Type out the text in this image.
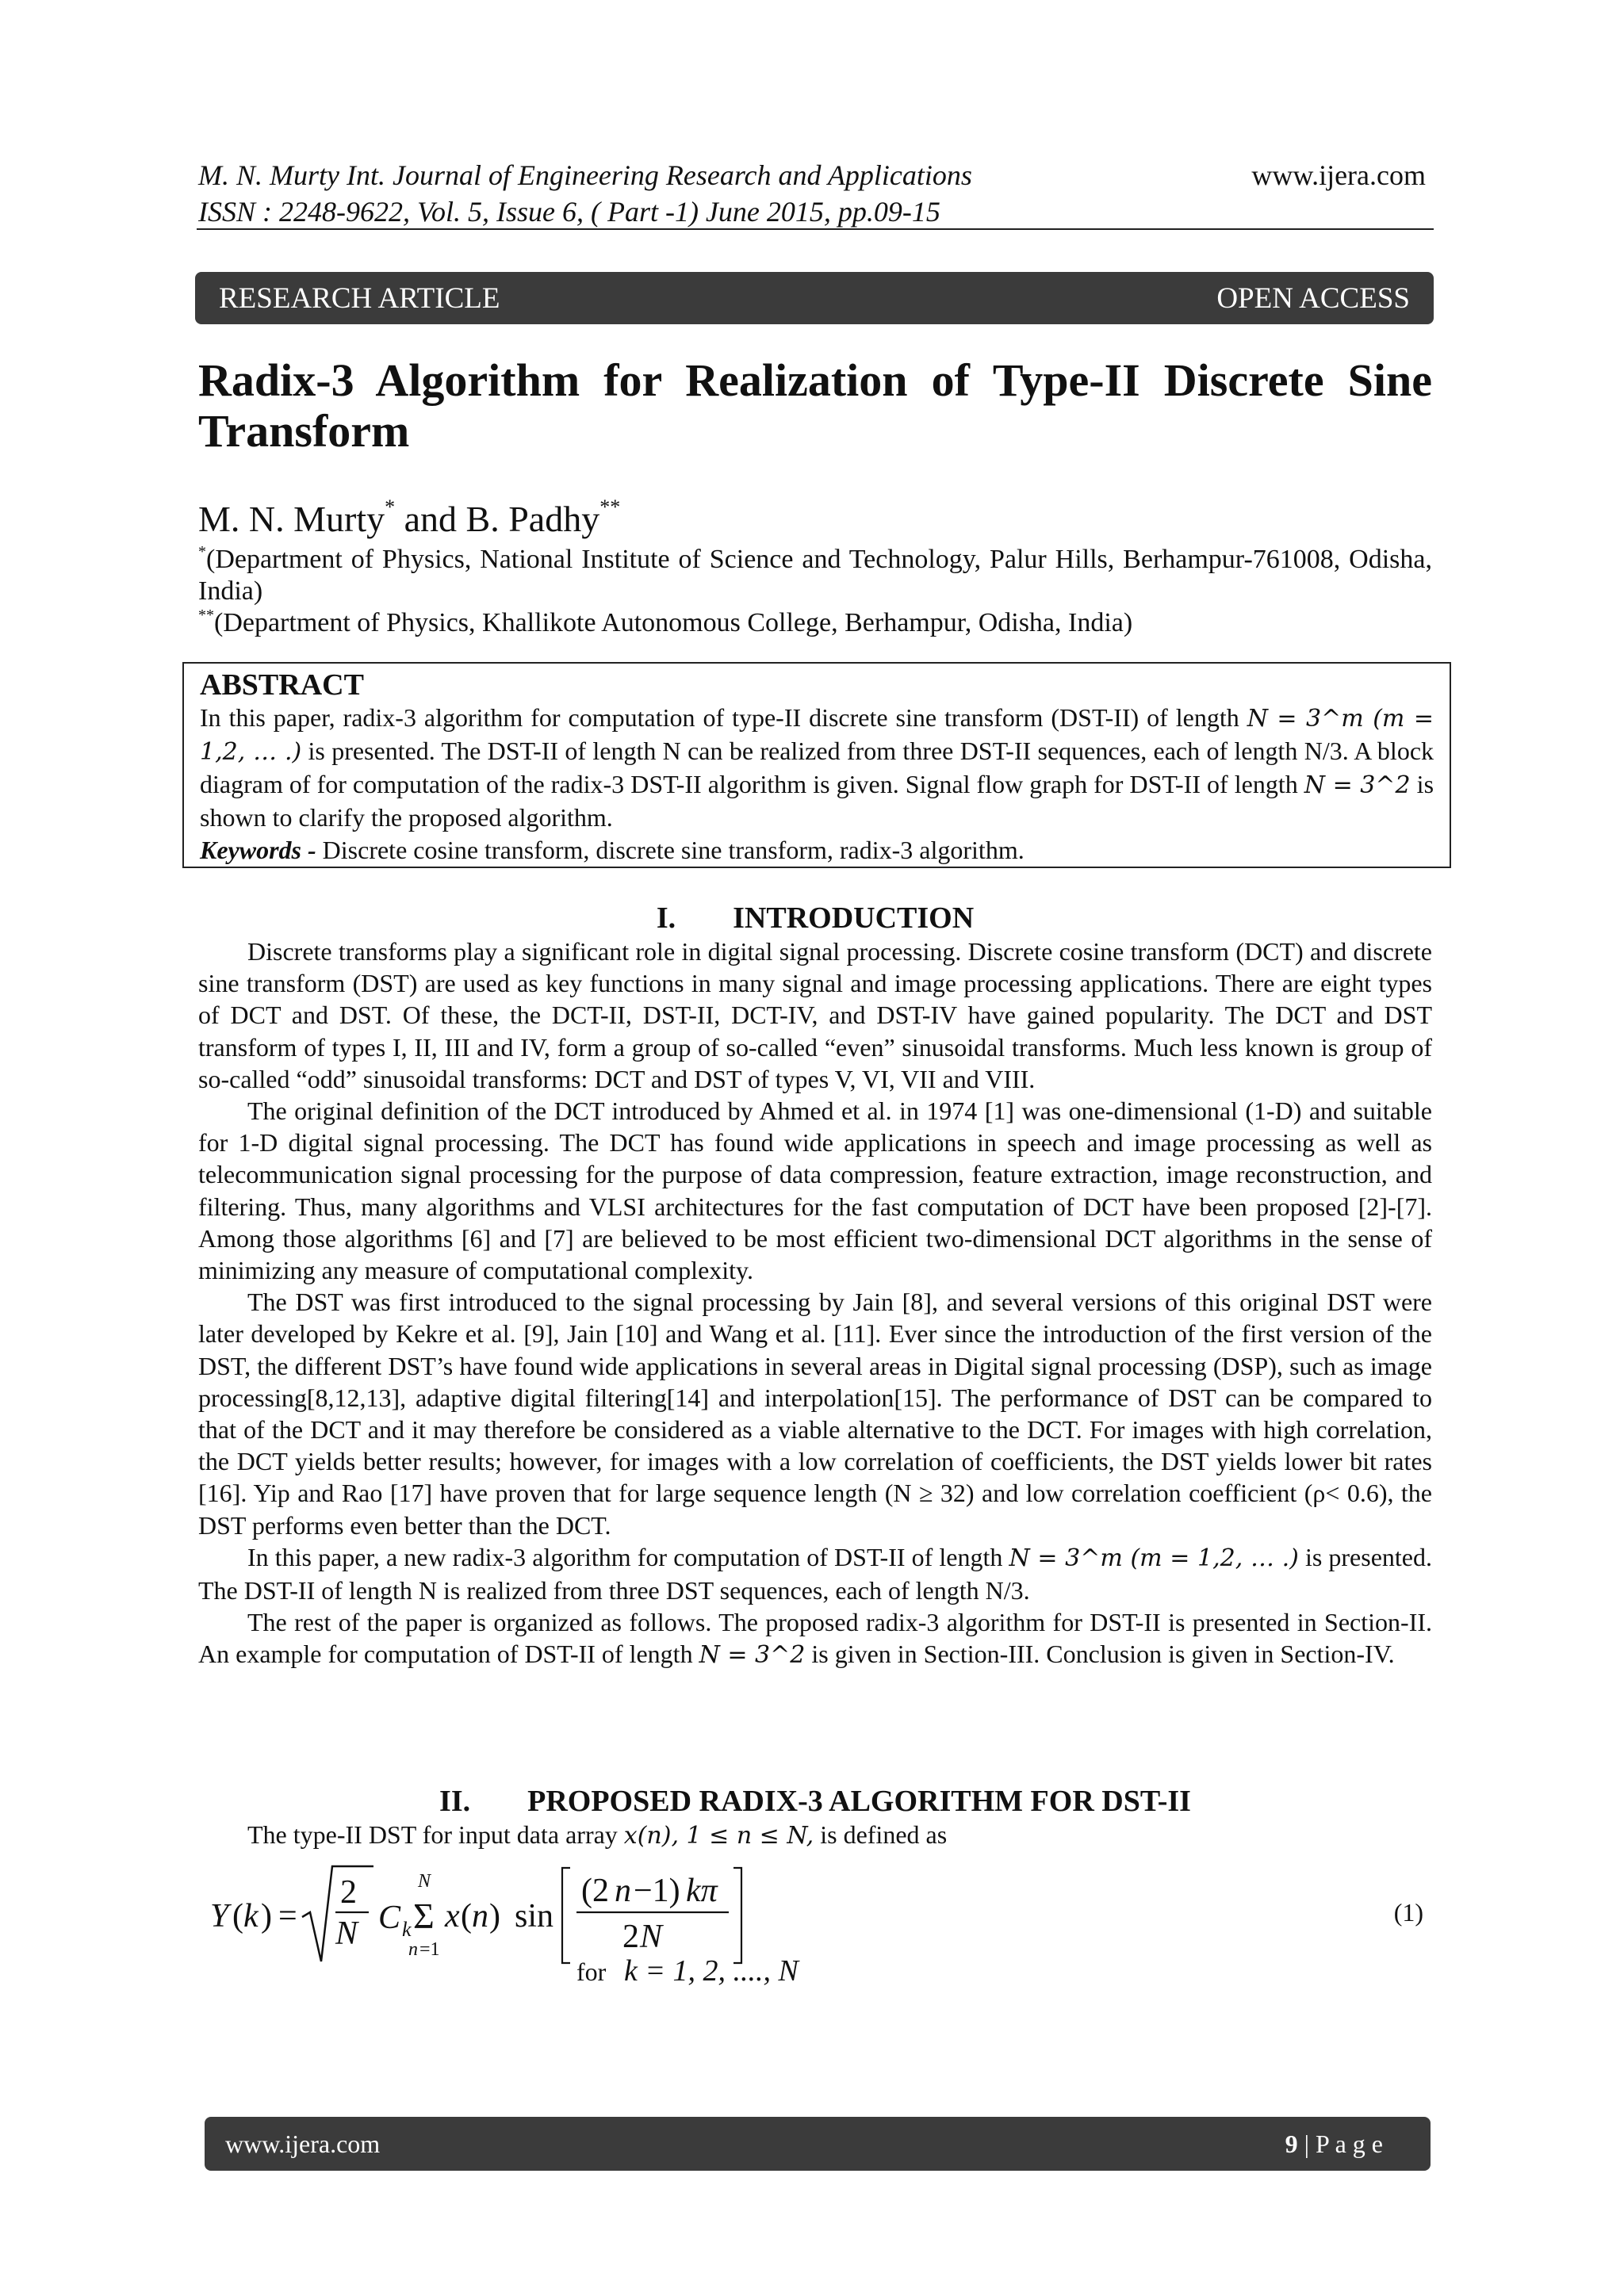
M. N. Murty Int. Journal of Engineering Research and Applications
ISSN : 2248-9622, Vol. 5, Issue 6, ( Part -1) June 2015, pp.09-15
www.ijera.com
RESEARCH ARTICLE	OPEN ACCESS
Radix-3 Algorithm for Realization of Type-II Discrete Sine Transform
M. N. Murty* and B. Padhy**
*(Department of Physics, National Institute of Science and Technology, Palur Hills, Berhampur-761008, Odisha, India)
**(Department of Physics, Khallikote Autonomous College, Berhampur, Odisha, India)
ABSTRACT

In this paper, radix-3 algorithm for computation of type-II discrete sine transform (DST-II) of length N = 3^m (m = 1,2, … .) is presented. The DST-II of length N can be realized from three DST-II sequences, each of length N/3. A block diagram of for computation of the radix-3 DST-II algorithm is given. Signal flow graph for DST-II of length N = 3^2 is shown to clarify the proposed algorithm.

Keywords - Discrete cosine transform, discrete sine transform, radix-3 algorithm.

I. INTRODUCTION

Discrete transforms play a significant role in digital signal processing. Discrete cosine transform (DCT) and discrete sine transform (DST) are used as key functions in many signal and image processing applications. There are eight types of DCT and DST. Of these, the DCT-II, DST-II, DCT-IV, and DST-IV have gained popularity. The DCT and DST transform of types I, II, III and IV, form a group of so-called “even” sinusoidal transforms. Much less known is group of so-called “odd” sinusoidal transforms: DCT and DST of types V, VI, VII and VIII.

The original definition of the DCT introduced by Ahmed et al. in 1974 [1] was one-dimensional (1-D) and suitable for 1-D digital signal processing. The DCT has found wide applications in speech and image processing as well as telecommunication signal processing for the purpose of data compression, feature extraction, image reconstruction, and filtering. Thus, many algorithms and VLSI architectures for the fast computation of DCT have been proposed [2]-[7]. Among those algorithms [6] and [7] are believed to be most efficient two-dimensional DCT algorithms in the sense of minimizing any measure of computational complexity.

The DST was first introduced to the signal processing by Jain [8], and several versions of this original DST were later developed by Kekre et al. [9], Jain [10] and Wang et al. [11]. Ever since the introduction of the first version of the DST, the different DST’s have found wide applications in several areas in Digital signal processing (DSP), such as image processing[8,12,13], adaptive digital filtering[14] and interpolation[15]. The performance of DST can be compared to that of the DCT and it may therefore be considered as a viable alternative to the DCT. For images with high correlation, the DCT yields better results; however, for images with a low correlation of coefficients, the DST yields lower bit rates [16]. Yip and Rao [17] have proven that for large sequence length (N ≥ 32) and low correlation coefficient (ρ< 0.6), the DST performs even better than the DCT.

In this paper, a new radix-3 algorithm for computation of DST-II of length N = 3^m (m = 1,2, … .) is presented. The DST-II of length N is realized from three DST sequences, each of length N/3.

The rest of the paper is organized as follows. The proposed radix-3 algorithm for DST-II is presented in Section-II. An example for computation of DST-II of length N = 3^2 is given in Section-III. Conclusion is given in Section-IV.

II. PROPOSED RADIX-3 ALGORITHM FOR DST-II

The type-II DST for input data array x(n), 1 ≤ n ≤ N, is defined as

Y ( k ) =
2
N C k
N
Σ
n =1
x ( n ) sin
(2 n −1) kπ
2 N
for k = 1, 2, ...., N
(1)
www.ijera.com	9 | P a g e
